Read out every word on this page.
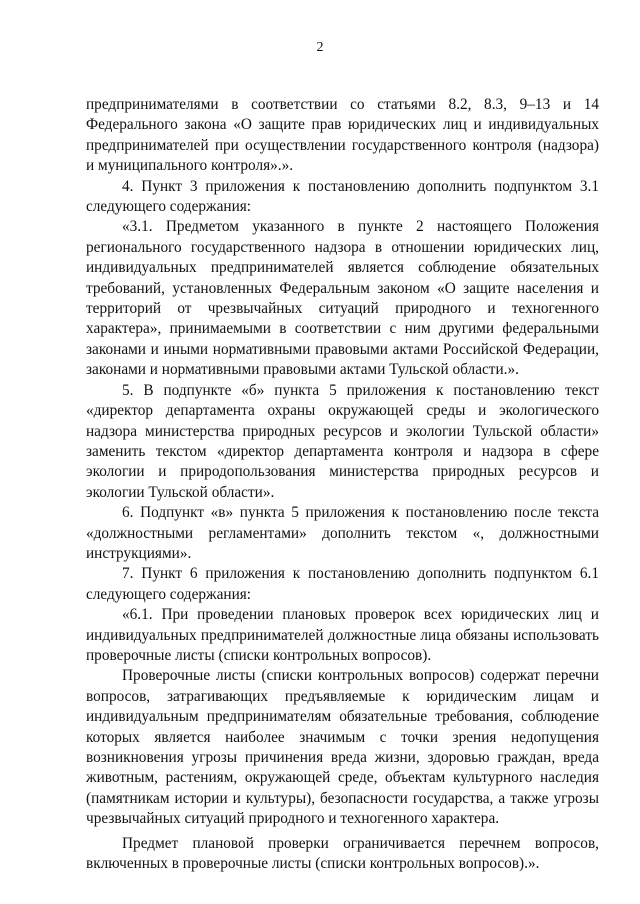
2

предпринимателями в соответствии со статьями 8.2, 8.3, 9–13 и 14 Федерального закона «О защите прав юридических лиц и индивидуальных предпринимателей при осуществлении государственного контроля (надзора) и муниципального контроля».».

4. Пункт 3 приложения к постановлению дополнить подпунктом 3.1 следующего содержания:

«3.1. Предметом указанного в пункте 2 настоящего Положения регионального государственного надзора в отношении юридических лиц, индивидуальных предпринимателей является соблюдение обязательных требований, установленных Федеральным законом «О защите населения и территорий от чрезвычайных ситуаций природного и техногенного характера», принимаемыми в соответствии с ним другими федеральными законами и иными нормативными правовыми актами Российской Федерации, законами и нормативными правовыми актами Тульской области.».

5. В подпункте «б» пункта 5 приложения к постановлению текст «директор департамента охраны окружающей среды и экологического надзора министерства природных ресурсов и экологии Тульской области» заменить текстом «директор департамента контроля и надзора в сфере экологии и природопользования министерства природных ресурсов и экологии Тульской области».

6. Подпункт «в» пункта 5 приложения к постановлению после текста «должностными регламентами» дополнить текстом «, должностными инструкциями».

7. Пункт 6 приложения к постановлению дополнить подпунктом 6.1 следующего содержания:

«6.1. При проведении плановых проверок всех юридических лиц и индивидуальных предпринимателей должностные лица обязаны использовать проверочные листы (списки контрольных вопросов).

Проверочные листы (списки контрольных вопросов) содержат перечни вопросов, затрагивающих предъявляемые к юридическим лицам и индивидуальным предпринимателям обязательные требования, соблюдение которых является наиболее значимым с точки зрения недопущения возникновения угрозы причинения вреда жизни, здоровью граждан, вреда животным, растениям, окружающей среде, объектам культурного наследия (памятникам истории и культуры), безопасности государства, а также угрозы чрезвычайных ситуаций природного и техногенного характера.

Предмет плановой проверки ограничивается перечнем вопросов, включенных в проверочные листы (списки контрольных вопросов).».
